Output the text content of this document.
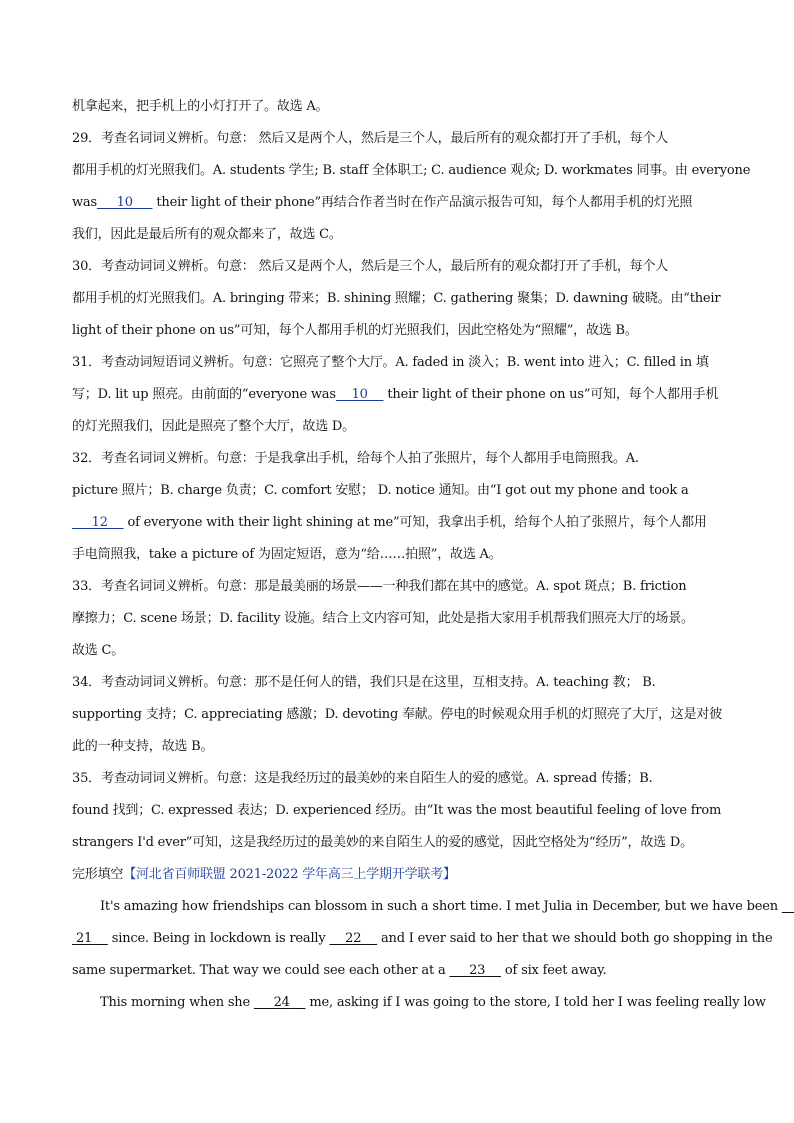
机拿起来，把手机上的小灯打开了。故选 A。
29．考查名词词义辨析。句意： 然后又是两个人，然后是三个人，最后所有的观众都打开了手机，每个人
都用手机的灯光照我们。A. students 学生; B. staff 全体职工; C. audience 观众; D. workmates 同事。由 everyone
was 10      their light of their phone”再结合作者当时在作产品演示报告可知，每个人都用手机的灯光照
我们，因此是最后所有的观众都来了，故选 C。
30．考查动词词义辨析。句意： 然后又是两个人，然后是三个人，最后所有的观众都打开了手机，每个人
都用手机的灯光照我们。A. bringing 带来；B. shining 照耀；C. gathering 聚集；D. dawning 破晓。由“their
light of their phone on us”可知，每个人都用手机的灯光照我们，因此空格处为“照耀”，故选 B。
31．考查动词短语词义辨析。句意：它照亮了整个大厅。A. faded in 淡入；B. went into 进入；C. filled in 填
写；D. lit up 照亮。由前面的“everyone was 10     their light of their phone on us”可知，每个人都用手机
的灯光照我们，因此是照亮了整个大厅，故选 D。
32．考查名词词义辨析。句意：于是我拿出手机，给每个人拍了张照片，每个人都用手电筒照我。A.
picture 照片；B. charge 负责；C. comfort 安慰； D. notice 通知。由“I got out my phone and took a
12     of everyone with their light shining at me”可知，我拿出手机，给每个人拍了张照片，每个人都用
手电筒照我，take a picture of 为固定短语，意为“给……拍照”，故选 A。
33．考查名词词义辨析。句意：那是最美丽的场景——一种我们都在其中的感觉。A. spot 斑点；B. friction
摩擦力；C. scene 场景；D. facility 设施。结合上文内容可知，此处是指大家用手机帮我们照亮大厅的场景。
故选 C。
34．考查动词词义辨析。句意：那不是任何人的错，我们只是在这里，互相支持。A. teaching 教； B.
supporting 支持；C. appreciating 感激；D. devoting 奉献。停电的时候观众用手机的灯照亮了大厅，这是对彼
此的一种支持，故选 B。
35．考查动词词义辨析。句意：这是我经历过的最美妙的来自陌生人的爱的感觉。A. spread 传播；B.
found 找到；C. expressed 表达；D. experienced 经历。由“It was the most beautiful feeling of love from
strangers I'd ever”可知，这是我经历过的最美妙的来自陌生人的爱的感觉，因此空格处为“经历”，故选 D。
完形填空【河北省百师联盟 2021-2022 学年高三上学期开学联考】
It's amazing how friendships can blossom in such a short time. I met Julia in December, but we have been
21     since. Being in lockdown is really     22     and I ever said to her that we should both go shopping in the
same supermarket. That way we could see each other at a      23     of six feet away.
This morning when she      24     me, asking if I was going to the store, I told her I was feeling really low
